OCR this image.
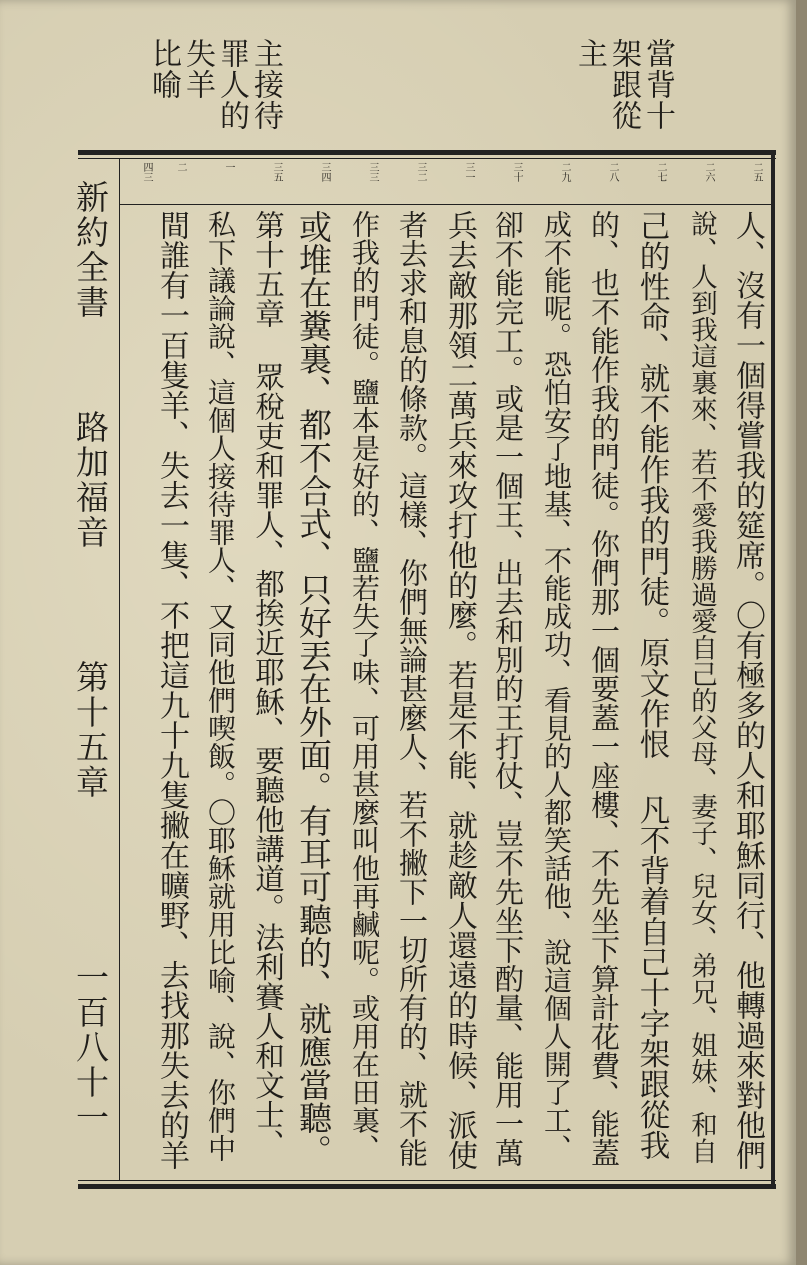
主接待
罪人的
失羊
比喻	當背十
架跟從
主
二五
二六
二七
二八
二九
三十
三一
三二
三三
三四
三五
一
二
四三
人、沒有一個得嘗我的筵席。〇有極多的人和耶穌同行、他轉過來對他們
說、人到我這裏來、若不愛我勝過愛自己的父母、妻子、兒女、弟兄、姐妹、和自
己的性命、就不能作我的門徒。原文作恨 凡不背着自己十字架跟從我
的、也不能作我的門徒。你們那一個要蓋一座樓、不先坐下算計花費、能蓋
成不能呢。恐怕安了地基、不能成功、看見的人都笑話他、說這個人開了工、
卻不能完工。或是一個王、出去和別的王打仗、豈不先坐下酌量、能用一萬
兵去敵那領二萬兵來攻打他的麼。若是不能、就趁敵人還遠的時候、派使
者去求和息的條款。這樣、你們無論甚麼人、若不撇下一切所有的、就不能
作我的門徒。鹽本是好的、鹽若失了味、可用甚麼叫他再鹹呢。或用在田裏、
或堆在糞裏、都不合式、只好丟在外面。有耳可聽的、就應當聽。
第十五章 眾稅吏和罪人、都挨近耶穌、要聽他講道。法利賽人和文士、
私下議論說、這個人接待罪人、又同他們喫飯。〇耶穌就用比喻、說、你們中
間誰有一百隻羊、失去一隻、不把這九十九隻撇在曠野、去找那失去的羊
新約全書
路加福音
第十五章
一百八十一
